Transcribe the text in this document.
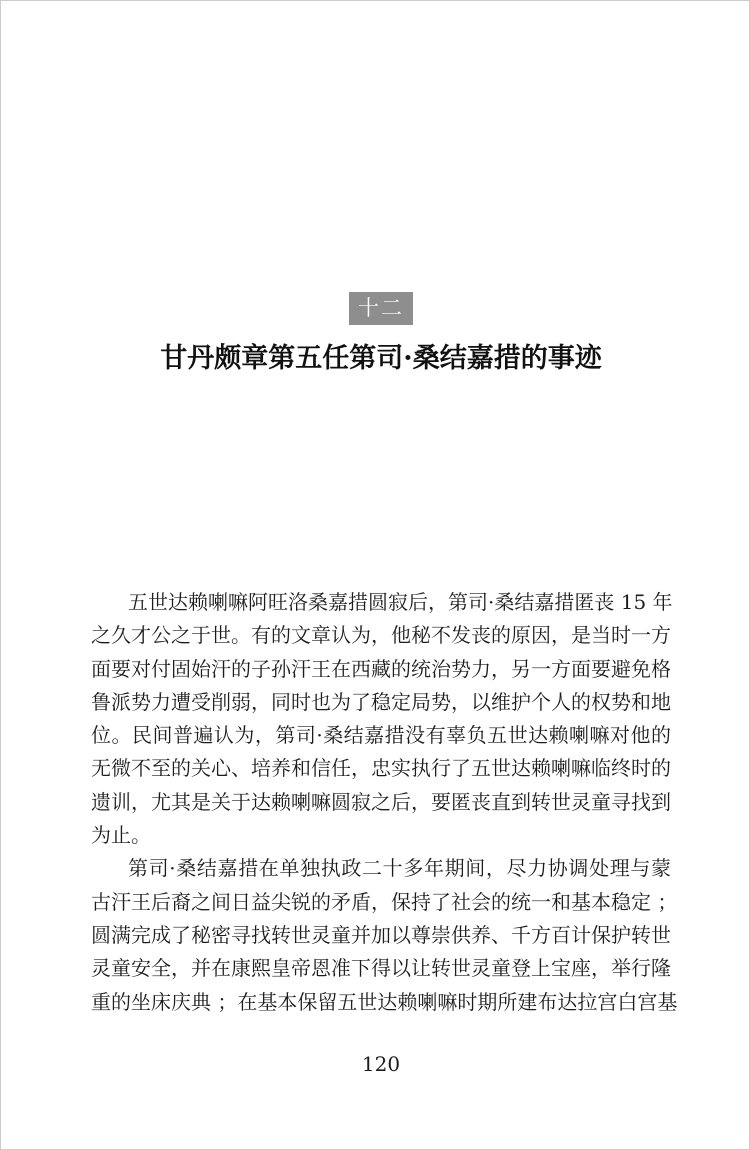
十二
甘丹颇章第五任第司·桑结嘉措的事迹
五世达赖喇嘛阿旺洛桑嘉措圆寂后，第司·桑结嘉措匿丧 15 年
之久才公之于世。有的文章认为，他秘不发丧的原因，是当时一方
面要对付固始汗的子孙汗王在西藏的统治势力，另一方面要避免格
鲁派势力遭受削弱，同时也为了稳定局势，以维护个人的权势和地
位。民间普遍认为，第司·桑结嘉措没有辜负五世达赖喇嘛对他的
无微不至的关心、培养和信任，忠实执行了五世达赖喇嘛临终时的
遗训，尤其是关于达赖喇嘛圆寂之后，要匿丧直到转世灵童寻找到
为止。
第司·桑结嘉措在单独执政二十多年期间，尽力协调处理与蒙
古汗王后裔之间日益尖锐的矛盾，保持了社会的统一和基本稳定 ；
圆满完成了秘密寻找转世灵童并加以尊崇供养、千方百计保护转世
灵童安全，并在康熙皇帝恩准下得以让转世灵童登上宝座，举行隆
重的坐床庆典 ；在基本保留五世达赖喇嘛时期所建布达拉宫白宫基
120
